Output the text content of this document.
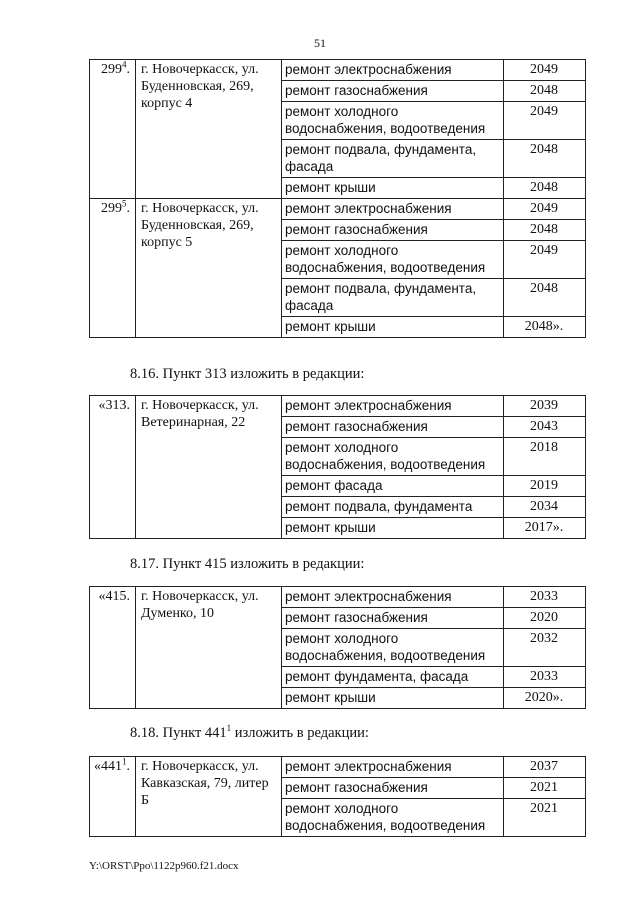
51
$299^4$.	г. Новочеркасск, ул. Буденновская, 269, корпус 4	ремонт электроснабжения	2049
		ремонт газоснабжения	2048
		ремонт холодного водоснабжения, водоотведения	2049
		ремонт подвала, фундамента, фасада	2048
		ремонт крыши	2048
$299^5$.	г. Новочеркасск, ул. Буденновская, 269, корпус 5	ремонт электроснабжения	2049
		ремонт газоснабжения	2048
		ремонт холодного водоснабжения, водоотведения	2049
		ремонт подвала, фундамента, фасада	2048
		ремонт крыши	2048».
8.16. Пункт 313 изложить в редакции:
«313.	г. Новочеркасск, ул. Ветеринарная, 22	ремонт электроснабжения	2039
		ремонт газоснабжения	2043
		ремонт холодного водоснабжения, водоотведения	2018
		ремонт фасада	2019
		ремонт подвала, фундамента	2034
		ремонт крыши	2017».
8.17. Пункт 415 изложить в редакции:
«415.	г. Новочеркасск, ул. Думенко, 10	ремонт электроснабжения	2033
		ремонт газоснабжения	2020
		ремонт холодного водоснабжения, водоотведения	2032
		ремонт фундамента, фасада	2033
		ремонт крыши	2020».
8.18. Пункт $441^1$ изложить в редакции:
«$441^1$.	г. Новочеркасск, ул. Кавказская, 79, литер Б	ремонт электроснабжения	2037
		ремонт газоснабжения	2021
		ремонт холодного водоснабжения, водоотведения	2021
Y:\ORST\Ppo\1122p960.f21.docx
